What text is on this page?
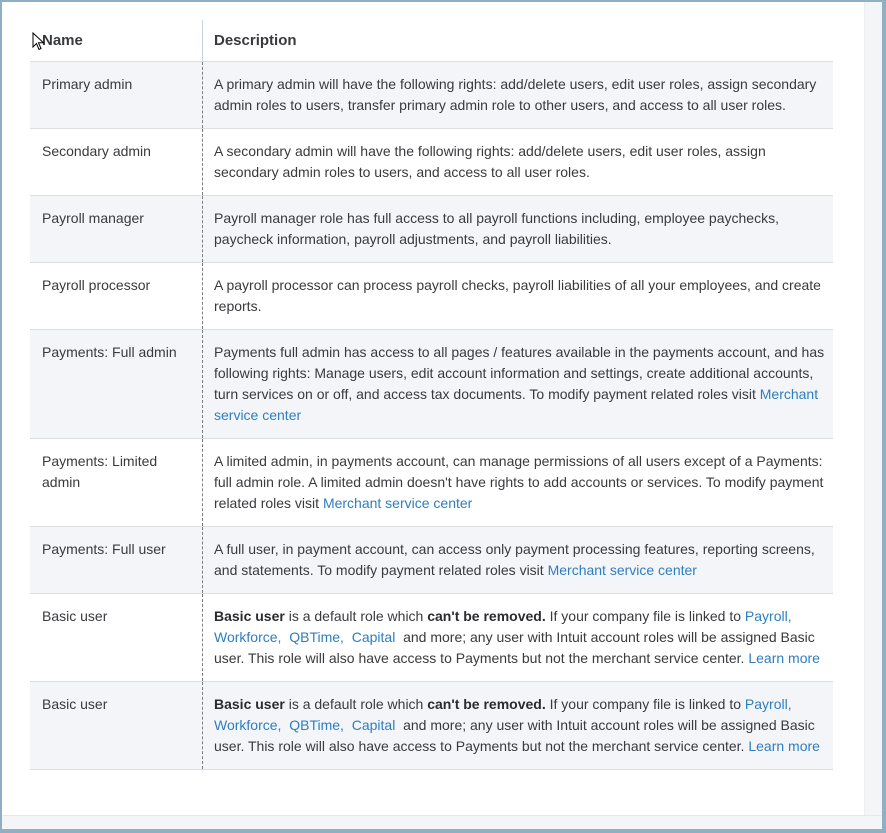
Name	Description
Primary admin	A primary admin will have the following rights: add/delete users, edit user roles, assign secondary admin roles to users, transfer primary admin role to other users, and access to all user roles.
Secondary admin	A secondary admin will have the following rights: add/delete users, edit user roles, assign secondary admin roles to users, and access to all user roles.
Payroll manager	Payroll manager role has full access to all payroll functions including, employee paychecks, paycheck information, payroll adjustments, and payroll liabilities.
Payroll processor	A payroll processor can process payroll checks, payroll liabilities of all your employees, and create reports.
Payments: Full admin	Payments full admin has access to all pages / features available in the payments account, and has following rights: Manage users, edit account information and settings, create additional accounts, turn services on or off, and access tax documents. To modify payment related roles visit Merchant service center
Payments: Limited admin	A limited admin, in payments account, can manage permissions of all users except of a Payments: full admin role. A limited admin doesn't have rights to add accounts or services. To modify payment related roles visit Merchant service center
Payments: Full user	A full user, in payment account, can access only payment processing features, reporting screens, and statements. To modify payment related roles visit Merchant service center
Basic user	Basic user is a default role which can't be removed. If your company file is linked to Payroll,  Workforce, QBTime, Capital  and more; any user with Intuit account roles will be assigned Basic user. This role will also have access to Payments but not the merchant service center. Learn more
Basic user	Basic user is a default role which can't be removed. If your company file is linked to Payroll,  Workforce, QBTime, Capital  and more; any user with Intuit account roles will be assigned Basic user. This role will also have access to Payments but not the merchant service center. Learn more
